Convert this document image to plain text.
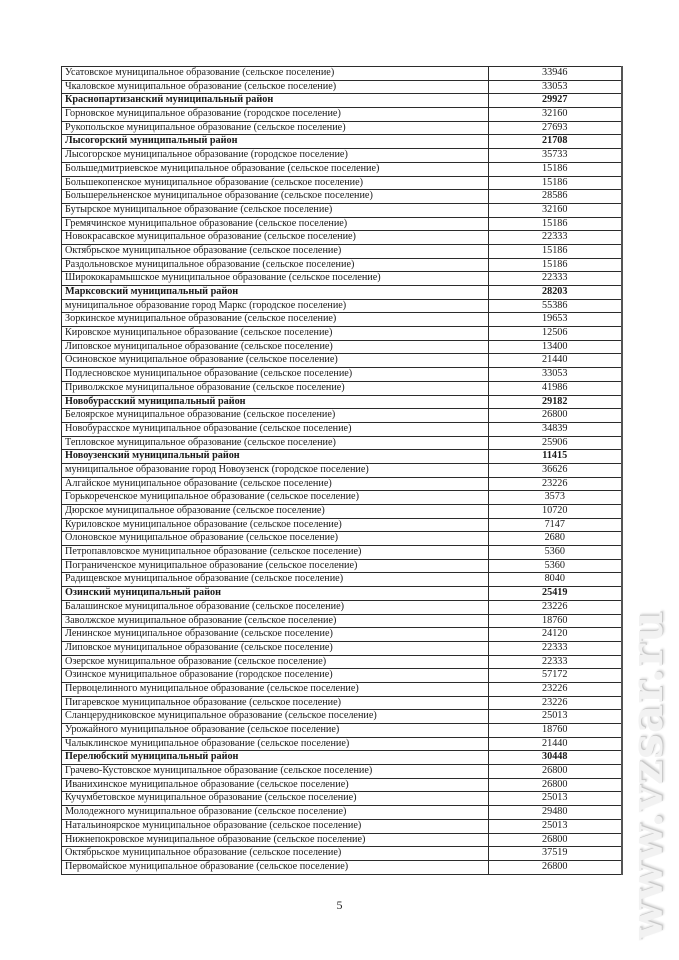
Усатовское муниципальное образование (сельское поселение)	33946
Чкаловское муниципальное образование (сельское поселение)	33053
Краснопартизанский муниципальный район	29927
Горновское муниципальное образование (городское поселение)	32160
Рукопольское муниципальное образование (сельское поселение)	27693
Лысогорский муниципальный район	21708
Лысогорское муниципальное образование (городское поселение)	35733
Большедмитриевское муниципальное образование (сельское поселение)	15186
Большекопенское муниципальное образование (сельское поселение)	15186
Большерельненское муниципальное образование (сельское поселение)	28586
Бутырское муниципальное образование (сельское поселение)	32160
Гремячинское муниципальное образование (сельское поселение)	15186
Новокрасавское муниципальное образование (сельское поселение)	22333
Октябрьское муниципальное образование (сельское поселение)	15186
Раздольновское муниципальное образование (сельское поселение)	15186
Ширококарамышское муниципальное образование (сельское поселение)	22333
Марксовский муниципальный район	28203
муниципальное образование город Маркс (городское поселение)	55386
Зоркинское муниципальное образование (сельское поселение)	19653
Кировское муниципальное образование (сельское поселение)	12506
Липовское муниципальное образование (сельское поселение)	13400
Осиновское муниципальное образование (сельское поселение)	21440
Подлесновское муниципальное образование (сельское поселение)	33053
Приволжское муниципальное образование (сельское поселение)	41986
Новобурасский муниципальный район	29182
Белоярское муниципальное образование (сельское поселение)	26800
Новобурасское муниципальное образование (сельское поселение)	34839
Тепловское муниципальное образование (сельское поселение)	25906
Новоузенский муниципальный район	11415
муниципальное образование город Новоузенск (городское поселение)	36626
Алгайское муниципальное образование (сельское поселение)	23226
Горькореченское муниципальное образование (сельское поселение)	3573
Дюрское муниципальное образование (сельское поселение)	10720
Куриловское муниципальное образование (сельское поселение)	7147
Олоновское муниципальное образование (сельское поселение)	2680
Петропавловское муниципальное образование (сельское поселение)	5360
Пограниченское муниципальное образование (сельское поселение)	5360
Радищевское муниципальное образование (сельское поселение)	8040
Озинский муниципальный район	25419
Балашинское муниципальное образование (сельское поселение)	23226
Заволжское муниципальное образование (сельское поселение)	18760
Ленинское муниципальное образование (сельское поселение)	24120
Липовское муниципальное образование (сельское поселение)	22333
Озерское муниципальное образование (сельское поселение)	22333
Озинское муниципальное образование (городское поселение)	57172
Первоцелинного муниципальное образование (сельское поселение)	23226
Пигаревское муниципальное образование (сельское поселение)	23226
Сланцерудниковское муниципальное образование (сельское поселение)	25013
Урожайного муниципальное образование (сельское поселение)	18760
Чалыклинское муниципальное образование (сельское поселение)	21440
Перелюбский муниципальный район	30448
Грачево-Кустовское муниципальное образование (сельское поселение)	26800
Иванихинское муниципальное образование (сельское поселение)	26800
Кучумбетовское муниципальное образование (сельское поселение)	25013
Молодежного муниципальное образование (сельское поселение)	29480
Натальиноярское муниципальное образование (сельское поселение)	25013
Нижнепокровское муниципальное образование (сельское поселение)	26800
Октябрьское муниципальное образование (сельское поселение)	37519
Первомайское муниципальное образование (сельское поселение)	26800
5	www.vzsar.ru
